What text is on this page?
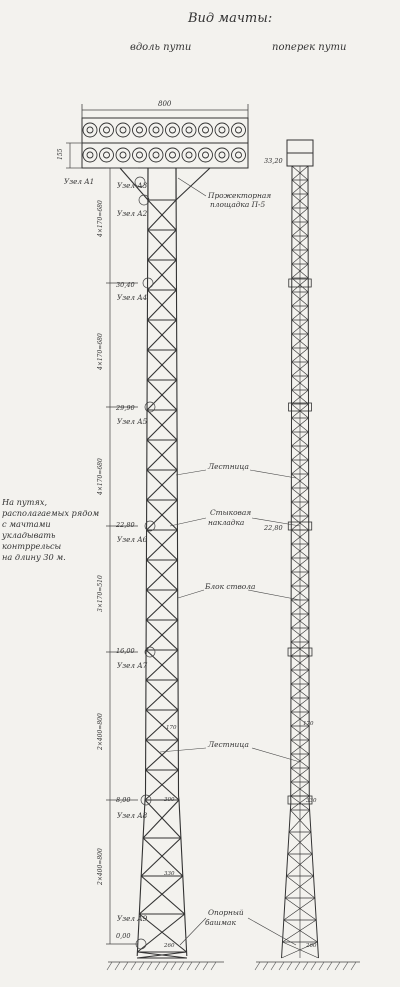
Вид мачты:
вдоль пути	поперек пути
800
155
4×170=680
4×170=680
4×170=680
3×170=510
2×400=800
2×400=800
30,40
29,90
22,80
16,00
8,00
0,00
33,20
22,80
Узел А1	Узел А3
Узел А2
Узел А4
Узел А5
Узел А6
Узел А7
Узел А8
Узел А9
Прожекторная
площадка П-5
Лестница
Стыковая
накладка
Блок ствола
Лестница
Опорный
башмак
170
300
330
260
170
330
260
На путях, располагаемых рядом с мачтами
укладывать контррельсы
на длину 30 м.
